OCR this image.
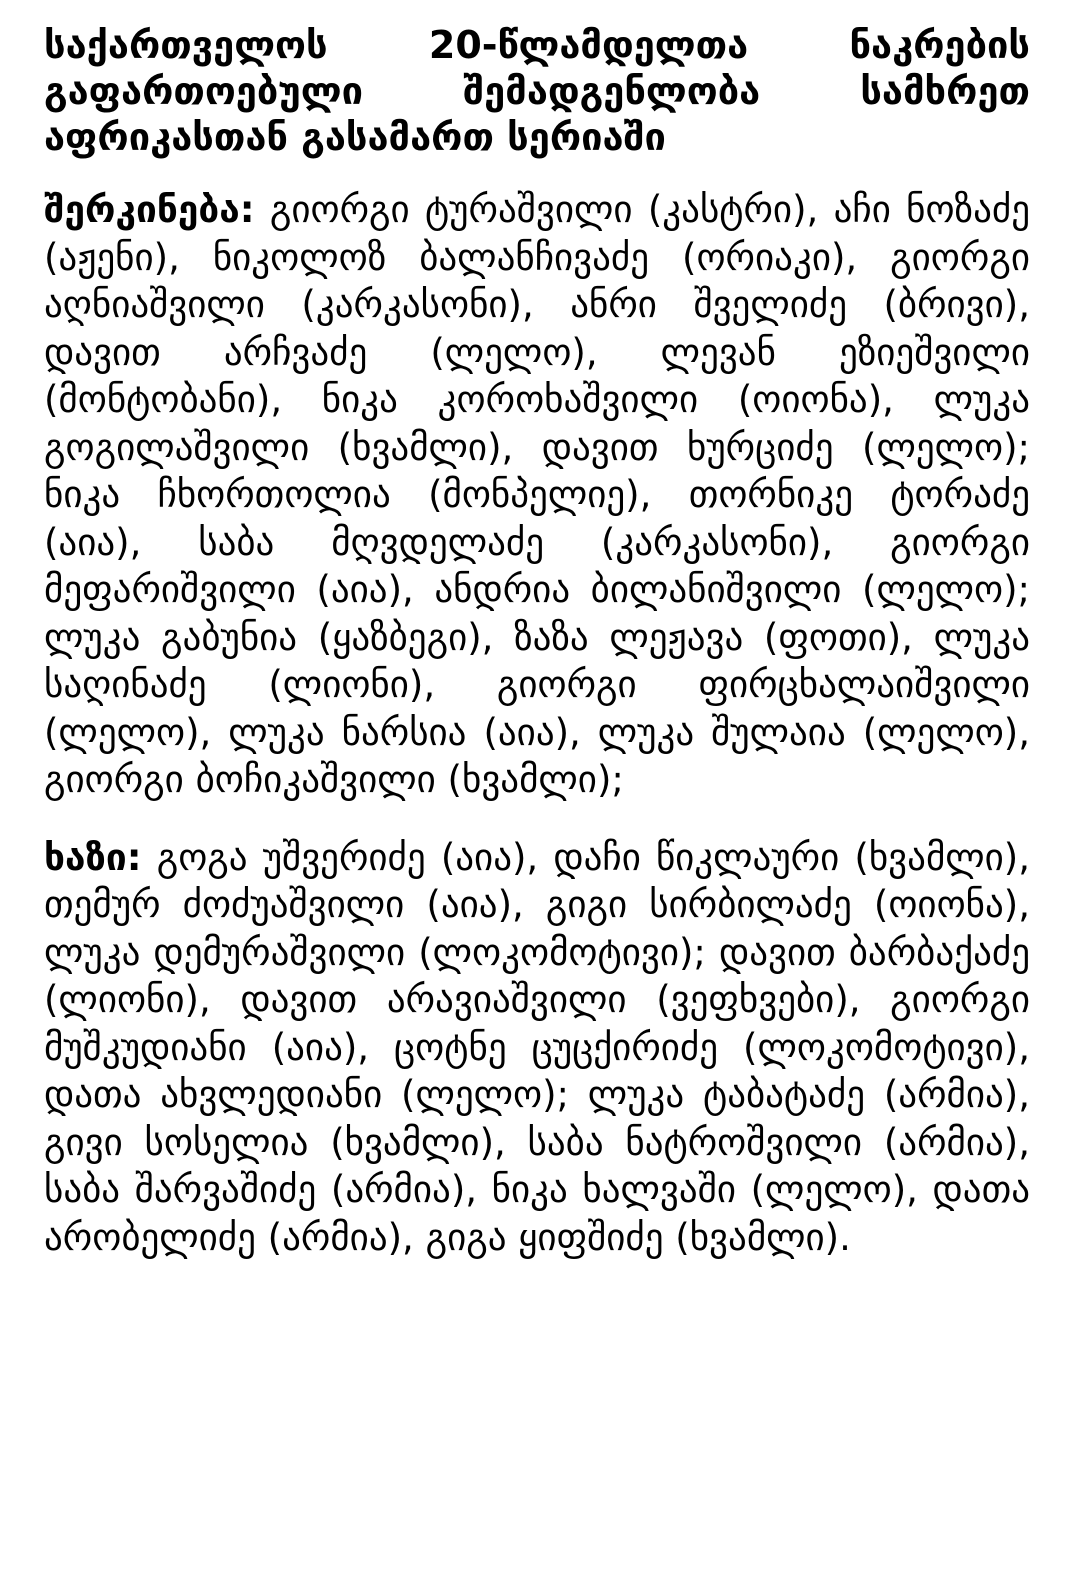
საქართველოს 20-წლამდელთა ნაკრების გაფართოებული შემადგენლობა სამხრეთ აფრიკასთან გასამართ სერიაში

შერკინება: გიორგი ტურაშვილი (კასტრი), აჩი ნოზაძე (აჟენი), ნიკოლოზ ბალანჩივაძე (ორიაკი), გიორგი აღნიაშვილი (კარკასონი), ანრი შველიძე (ბრივი), დავით არჩვაძე (ლელო), ლევან ეზიეშვილი (მონტობანი), ნიკა კოროხაშვილი (ოიონა), ლუკა გოგილაშვილი (ხვამლი), დავით ხურციძე (ლელო); ნიკა ჩხორთოლია (მონპელიე), თორნიკე ტორაძე (აია), საბა მღვდელაძე (კარკასონი), გიორგი მეფარიშვილი (აია), ანდრია ბილანიშვილი (ლელო); ლუკა გაბუნია (ყაზბეგი), ზაზა ლეჟავა (ფოთი), ლუკა საღინაძე (ლიონი), გიორგი ფირცხალაიშვილი (ლელო), ლუკა ნარსია (აია), ლუკა შულაია (ლელო), გიორგი ბოჩიკაშვილი (ხვამლი);

ხაზი: გოგა უშვერიძე (აია), დაჩი წიკლაური (ხვამლი), თემურ ძოძუაშვილი (აია), გიგი სირბილაძე (ოიონა), ლუკა დემურაშვილი (ლოკომოტივი); დავით ბარბაქაძე (ლიონი), დავით არავიაშვილი (ვეფხვები), გიორგი მუშკუდიანი (აია), ცოტნე ცუცქირიძე (ლოკომოტივი), დათა ახვლედიანი (ლელო); ლუკა ტაბატაძე (არმია), გივი სოსელია (ხვამლი), საბა ნატროშვილი (არმია), საბა შარვაშიძე (არმია), ნიკა ხალვაში (ლელო), დათა არობელიძე (არმია), გიგა ყიფშიძე (ხვამლი).
